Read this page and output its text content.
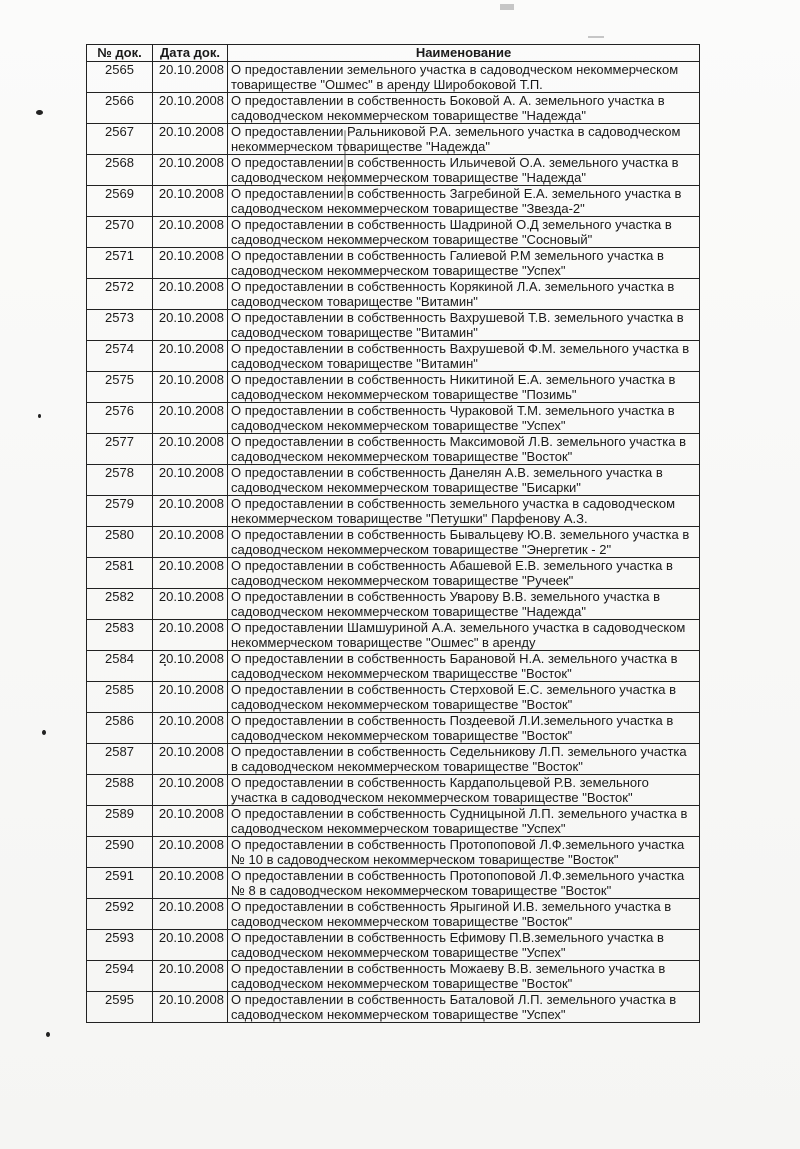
№ док.	Дата док.	Наименование
2565	20.10.2008	О предоставлении земельного участка в садоводческом некоммерческом
товариществе "Ошмес" в аренду Широбоковой Т.П.

2566	20.10.2008	О предоставлении в собственность Боковой А. А. земельного участка в
садоводческом некоммерческом товариществе "Надежда"

2567	20.10.2008	О предоставлении Ральниковой Р.А. земельного участка в садоводческом
некоммерческом товариществе "Надежда"

2568	20.10.2008	О предоставлении в собственность Ильичевой О.А. земельного участка в
садоводческом некоммерческом товариществе "Надежда"

2569	20.10.2008	О предоставлении в собственность Загребиной Е.А. земельного участка в
садоводческом некоммерческом товариществе "Звезда-2"

2570	20.10.2008	О предоставлении в собственность Шадриной О.Д земельного участка в
садоводческом некоммерческом товариществе "Сосновый"

2571	20.10.2008	О предоставлении в собственность Галиевой Р.М земельного участка в
садоводческом некоммерческом товариществе "Успех"

2572	20.10.2008	О предоставлении в собственность Корякиной Л.А. земельного участка в
садоводческом товариществе "Витамин"

2573	20.10.2008	О предоставлении в собственность Вахрушевой Т.В. земельного участка в
садоводческом товариществе "Витамин"

2574	20.10.2008	О предоставлении в собственность Вахрушевой Ф.М. земельного участка в
садоводческом товариществе "Витамин"

2575	20.10.2008	О предоставлении в собственность Никитиной Е.А. земельного участка в
садоводческом некоммерческом товариществе "Позимь"

2576	20.10.2008	О предоставлении в собственность Чураковой Т.М. земельного участка в
садоводческом некоммерческом товариществе "Успех"

2577	20.10.2008	О предоставлении в собственность Максимовой Л.В. земельного участка в
садоводческом некоммерческом товариществе "Восток"

2578	20.10.2008	О предоставлении в собственность Данелян А.В. земельного участка в
садоводческом некоммерческом товариществе "Бисарки"

2579	20.10.2008	О предоставлении в собственность земельного участка в садоводческом
некоммерческом товариществе "Петушки" Парфенову А.З.

2580	20.10.2008	О предоставлении в собственность Бывальцеву Ю.В. земельного участка в
садоводческом некоммерческом товариществе "Энергетик - 2"

2581	20.10.2008	О предоставлении в собственность Абашевой Е.В. земельного участка в
садоводческом некоммерческом товариществе "Ручеек"

2582	20.10.2008	О предоставлении в собственность Уварову В.В. земельного участка в
садоводческом некоммерческом товариществе "Надежда"

2583	20.10.2008	О предоставлении Шамшуриной А.А. земельного участка в садоводческом
некоммерческом товариществе "Ошмес" в аренду

2584	20.10.2008	О предоставлении в собственность Барановой Н.А. земельного участка в
садоводческом некоммерческом тварищесстве "Восток"

2585	20.10.2008	О предоставлении в собственность Стерховой Е.С. земельного участка в
садоводческом некоммерческом товариществе "Восток"

2586	20.10.2008	О предоставлении в собственность Поздеевой Л.И.земельного участка в
садоводческом некоммерческом товариществе "Восток"

2587	20.10.2008	О предоставлении в собственность Седельникову Л.П. земельного участка
в садоводческом некоммерческом товариществе "Восток"

2588	20.10.2008	О предоставлении в собственность Кардапольцевой Р.В. земельного
участка в садоводческом некоммерческом товариществе "Восток"

2589	20.10.2008	О предоставлении в собственность Судницыной Л.П. земельного участка в
садоводческом некоммерческом товариществе "Успех"

2590	20.10.2008	О предоставлении в собственность Протопоповой Л.Ф.земельного участка
№ 10 в садоводческом некоммерческом товариществе "Восток"

2591	20.10.2008	О предоставлении в собственность Протопоповой Л.Ф.земельного участка
№ 8 в садоводческом некоммерческом товариществе "Восток"

2592	20.10.2008	О предоставлении в собственность Ярыгиной И.В. земельного участка в
садоводческом некоммерческом товариществе "Восток"

2593	20.10.2008	О предоставлении в собственность Ефимову П.В.земельного участка в
садоводческом некоммерческом товариществе "Успех"

2594	20.10.2008	О предоставлении в собственность Можаеву В.В. земельного участка в
садоводческом некоммерческом товариществе "Восток"

2595	20.10.2008	О предоставлении в собственность Баталовой Л.П. земельного участка в
садоводческом некоммерческом товариществе "Успех"
